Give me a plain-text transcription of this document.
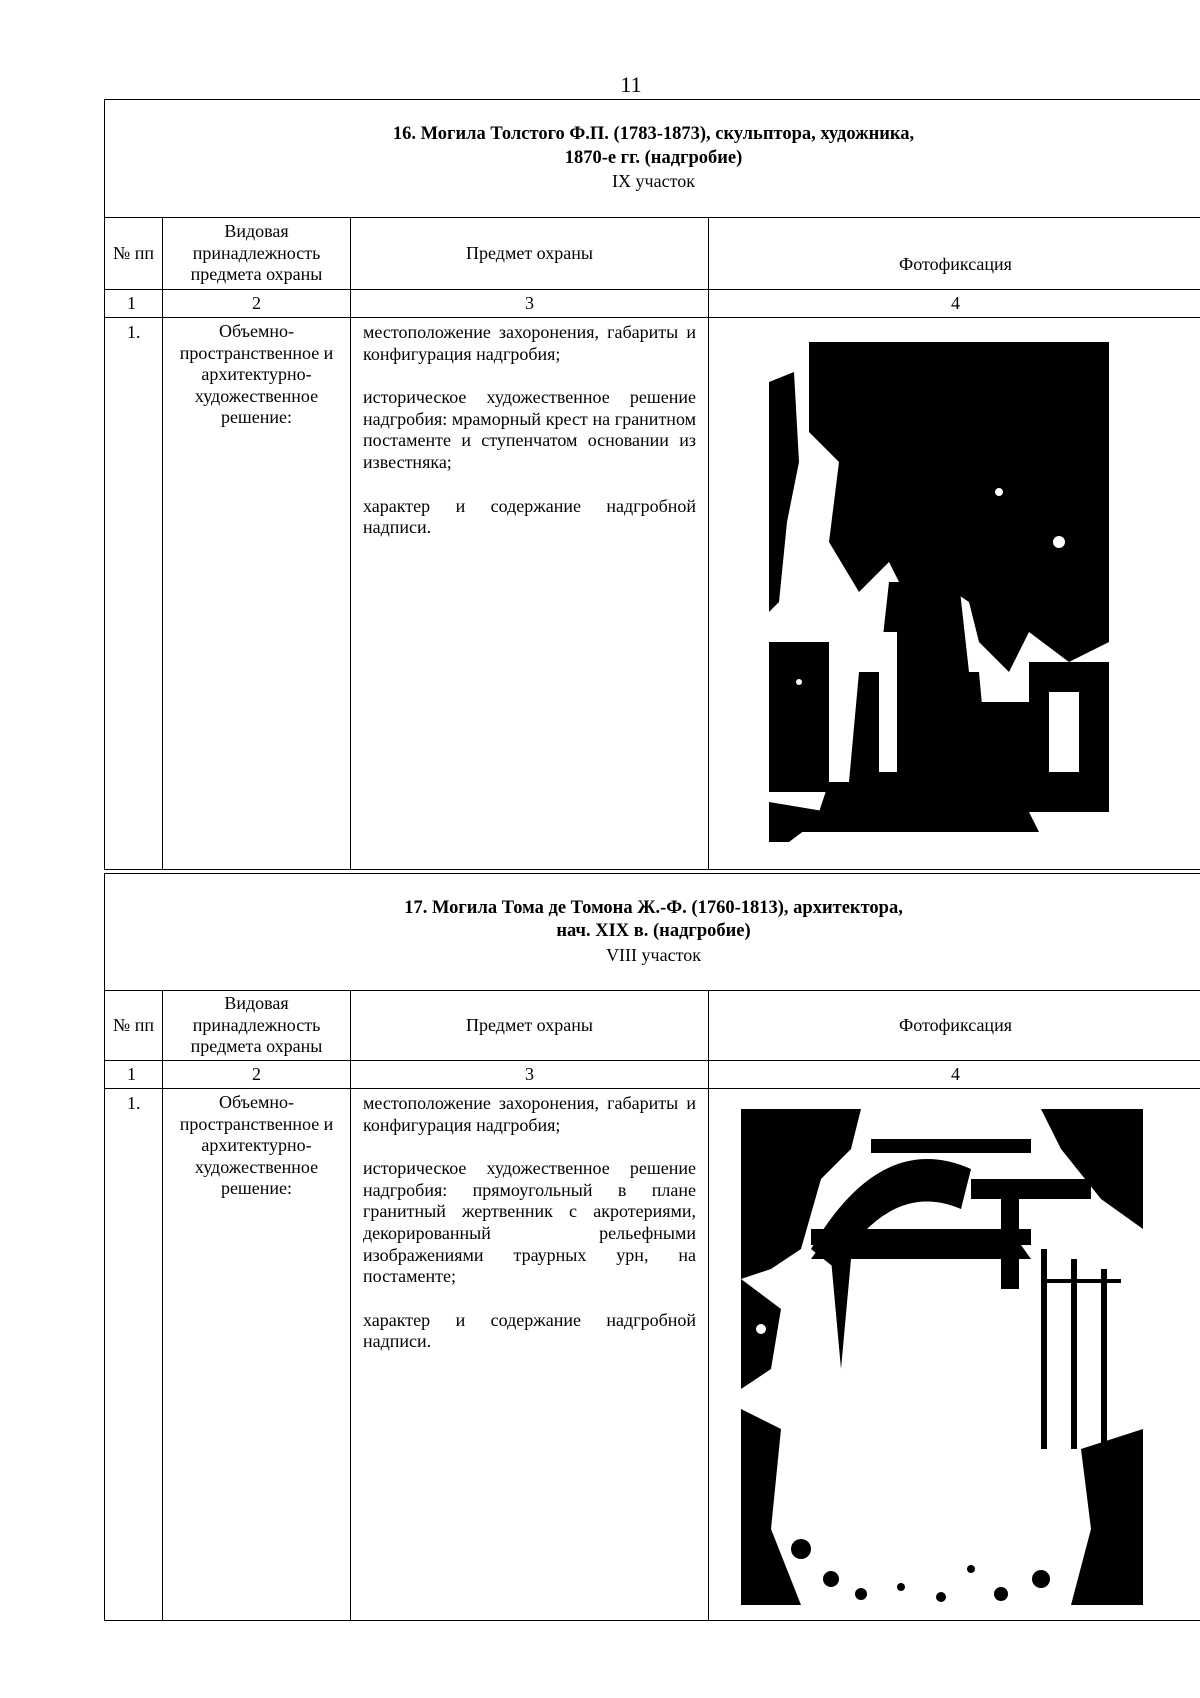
11
16. Могила Толстого Ф.П. (1783-1873), скульптора, художника,
1870-е гг. (надгробие)
IX участок			

№ пп	Видовая принадлежность предмета охраны	Предмет охраны	Фотофиксация
1	2	3	4
1.	Объемно-пространственное и архитектурно-художественное решение:	местоположение захоронения, габариты и конфигурация надгробия;

историческое художественное решение надгробия: мраморный крест на гранитном постаменте и ступенчатом основании из известняка;

характер и содержание надгробной надписи.

17. Могила Тома де Томона Ж.-Ф. (1760-1813), архитектора,
нач. XIX в. (надгробие)
VIII участок			

№ пп	Видовая принадлежность предмета охраны	Предмет охраны	Фотофиксация
1	2	3	4
1.	Объемно-пространственное и архитектурно-художественное решение:	местоположение захоронения, габариты и конфигурация надгробия;

историческое художественное решение надгробия: прямоугольный в плане гранитный жертвенник с акротериями, декорированный рельефными изображениями траурных урн, на постаменте;

характер и содержание надгробной надписи.
